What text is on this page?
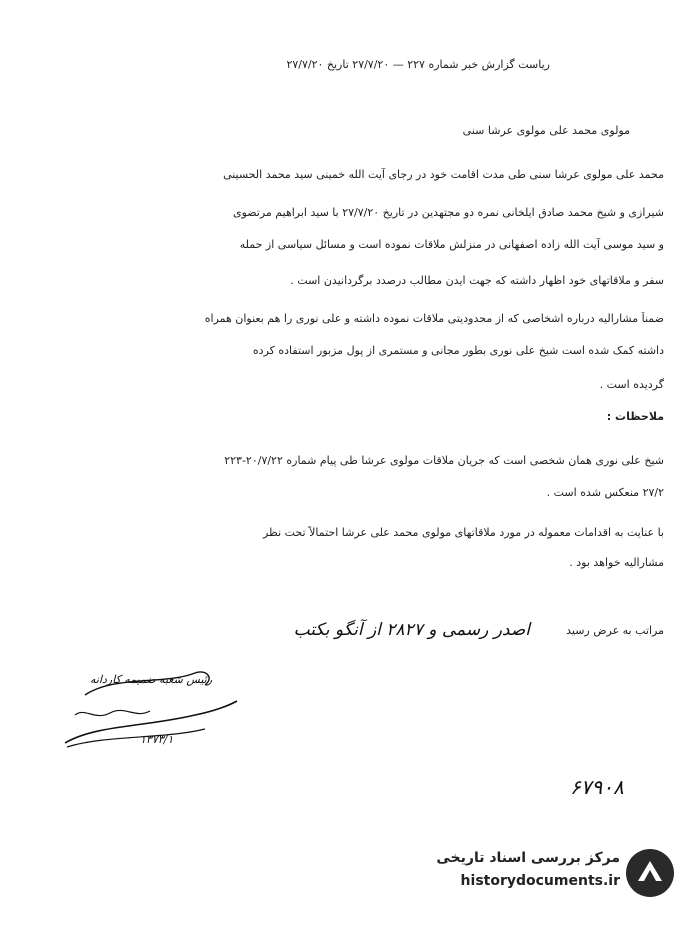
ریاست گزارش خبر شماره ۲۲۷ — ۲۷/۷/۲۰ تاریخ ۲۷/۷/۲۰
مولوی محمد علی مولوی عرشا سنی
محمد علی مولوی عرشا سنی طی مدت اقامت خود در رجای آیت الله خمینی سید محمد الحسینی
شیرازی و شیخ محمد صادق ایلخانی نمره دو مجتهدین در تاریخ ۲۷/۷/۲۰ با سید ابراهیم مرتضوی
و سید موسی آیت الله زاده اصفهانی در منزلش ملاقات نموده است و مسائل سیاسی از حمله
سفر و ملاقاتهای خود اظهار داشته که جهت ایدن مطالب درصدد برگردانیدن است .
ضمناً مشارالیه درباره اشخاصی که از محدودیتی ملاقات نموده داشته و علی نوری را هم بعنوان همراه
داشته کمک شده است شیخ علی نوری بطور مجانی و مستمری از پول مزبور استفاده کرده
گردیده است .
ملاحظات :
شیخ علی نوری همان شخصی است که جریان ملاقات مولوی عرشا طی پیام شماره ۲۰/۷/۲۲-۲۲۳
۲۷/۲ منعکس شده است .
با عنایت به اقدامات معموله در مورد ملاقاتهای مولوی محمد علی عرشا احتمالاً تحت نظر
مشارالیه خواهد بود .
مراتب به عرض رسید
اصدر رسمی و ۲۸۲۷ از آنگو بکتب
رئیس شعبه ضمیمه کاردانه
۱۳۷۳/۱
۶۷۹۰۸
مرکز بررسی اسناد تاریخی
historydocuments.ir
